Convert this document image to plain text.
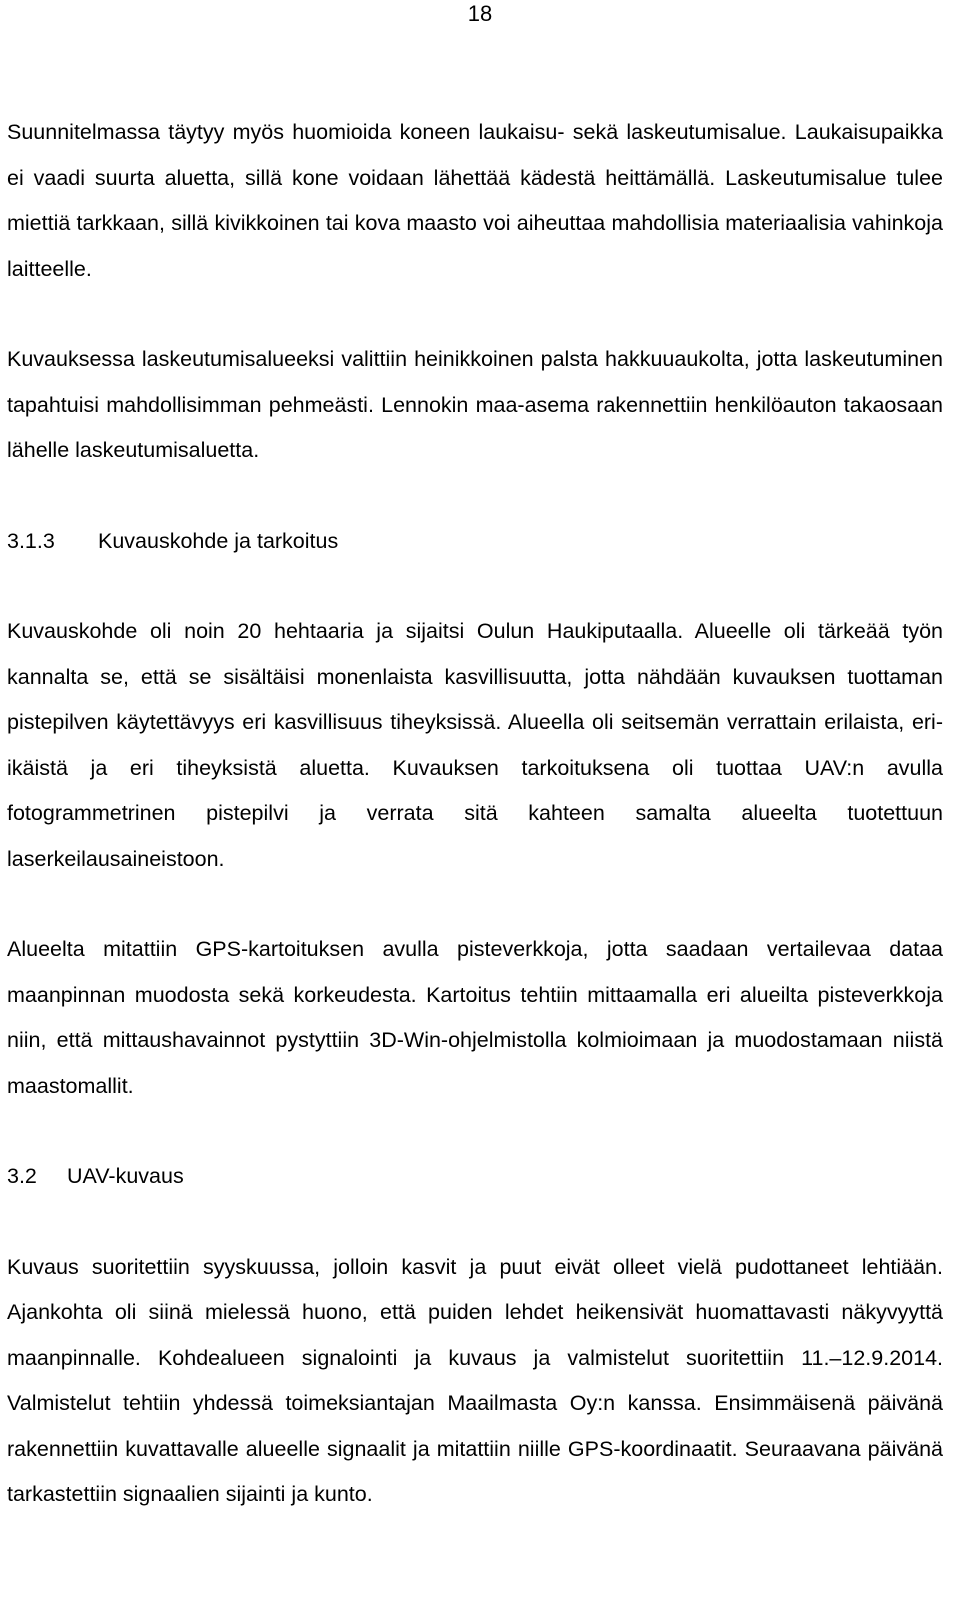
18

Suunnitelmassa täytyy myös huomioida koneen laukaisu- sekä laskeutumisalue. Laukaisupaikka ei vaadi suurta aluetta, sillä kone voidaan lähettää kädestä heittämällä. Laskeutumisalue tulee miettiä tarkkaan, sillä kivikkoinen tai kova maasto voi aiheuttaa mahdollisia materiaalisia vahinkoja laitteelle.

Kuvauksessa laskeutumisalueeksi valittiin heinikkoinen palsta hakkuuaukolta, jotta laskeutuminen tapahtuisi mahdollisimman pehmeästi. Lennokin maa-asema rakennettiin henkilöauton takaosaan lähelle laskeutumisaluetta.

3.1.3 Kuvauskohde ja tarkoitus

Kuvauskohde oli noin 20 hehtaaria ja sijaitsi Oulun Haukiputaalla. Alueelle oli tärkeää työn kannalta se, että se sisältäisi monenlaista kasvillisuutta, jotta nähdään kuvauksen tuottaman pistepilven käytettävyys eri kasvillisuus tiheyksissä. Alueella oli seitsemän verrattain erilaista, eri-ikäistä ja eri tiheyksistä aluetta. Kuvauksen tarkoituksena oli tuottaa UAV:n avulla fotogrammetrinen pistepilvi ja verrata sitä kahteen samalta alueelta tuotettuun laserkeilausaineistoon.

Alueelta mitattiin GPS-kartoituksen avulla pisteverkkoja, jotta saadaan vertailevaa dataa maanpinnan muodosta sekä korkeudesta. Kartoitus tehtiin mittaamalla eri alueilta pisteverkkoja niin, että mittaushavainnot pystyttiin 3D-Win-ohjelmistolla kolmioimaan ja muodostamaan niistä maastomallit.

3.2 UAV-kuvaus

Kuvaus suoritettiin syyskuussa, jolloin kasvit ja puut eivät olleet vielä pudottaneet lehtiään. Ajankohta oli siinä mielessä huono, että puiden lehdet heikensivät huomattavasti näkyvyyttä maanpinnalle. Kohdealueen signalointi ja kuvaus ja valmistelut suoritettiin 11.–12.9.2014. Valmistelut tehtiin yhdessä toimeksiantajan Maailmasta Oy:n kanssa. Ensimmäisenä päivänä rakennettiin kuvattavalle alueelle signaalit ja mitattiin niille GPS-koordinaatit. Seuraavana päivänä tarkastettiin signaalien sijainti ja kunto.
